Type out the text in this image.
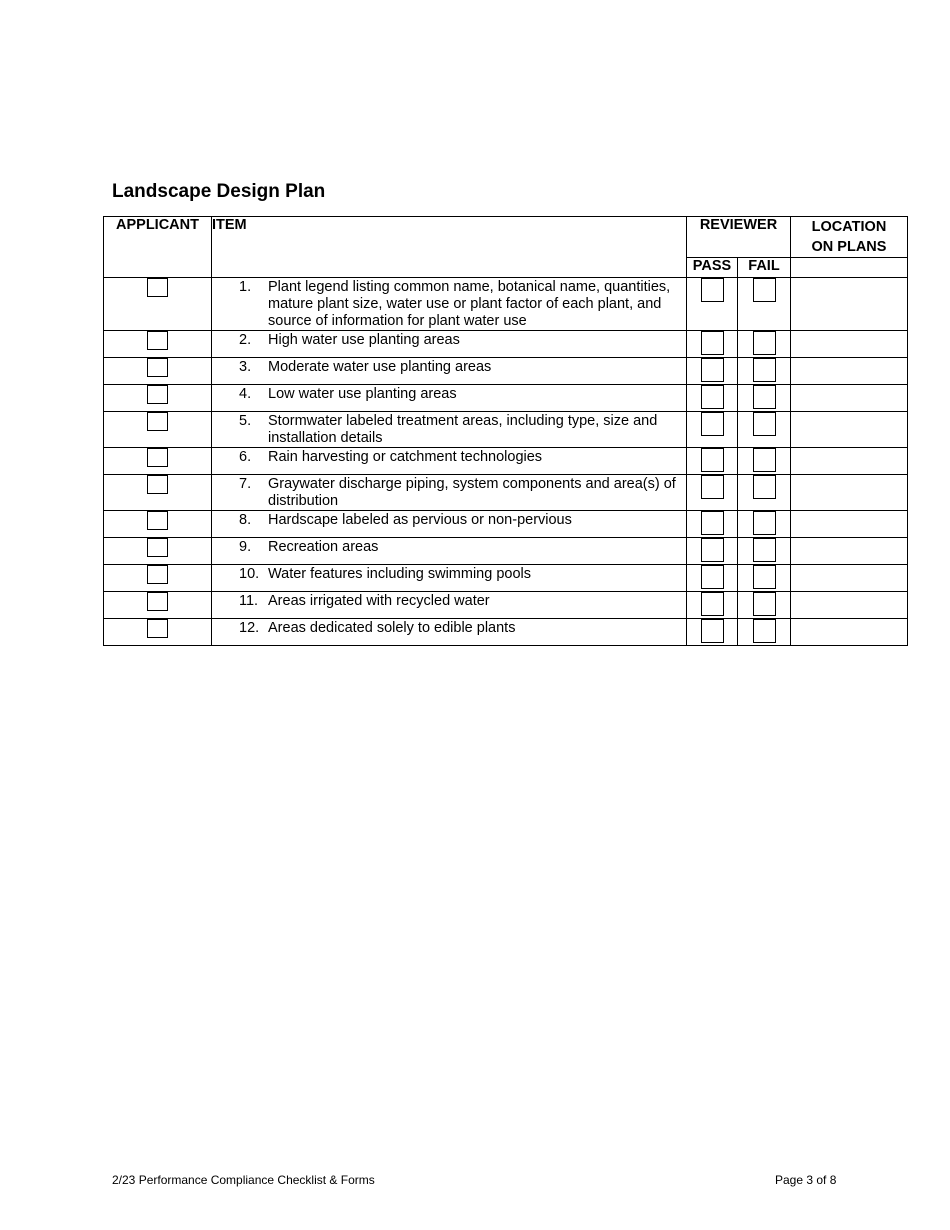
Landscape Design Plan
APPLICANT	ITEM	REVIEWER		LOCATION
ON PLANS
		PASS	FAIL	

	1. Plant legend listing common name, botanical name, quantities, mature plant size, water use or plant factor of each plant, and source of information for plant water use			

	2. High water use planting areas			

	3. Moderate water use planting areas			

	4. Low water use planting areas			

	5. Stormwater labeled treatment areas, including type, size and installation details			

	6. Rain harvesting or catchment technologies			

	7. Graywater discharge piping, system components and area(s) of distribution			

	8. Hardscape labeled as pervious or non-pervious			

	9. Recreation areas			

	10. Water features including swimming pools			

	11. Areas irrigated with recycled water			

	12. Areas dedicated solely to edible plants			

2/23 Performance Compliance Checklist & Forms	Page 3 of 8
